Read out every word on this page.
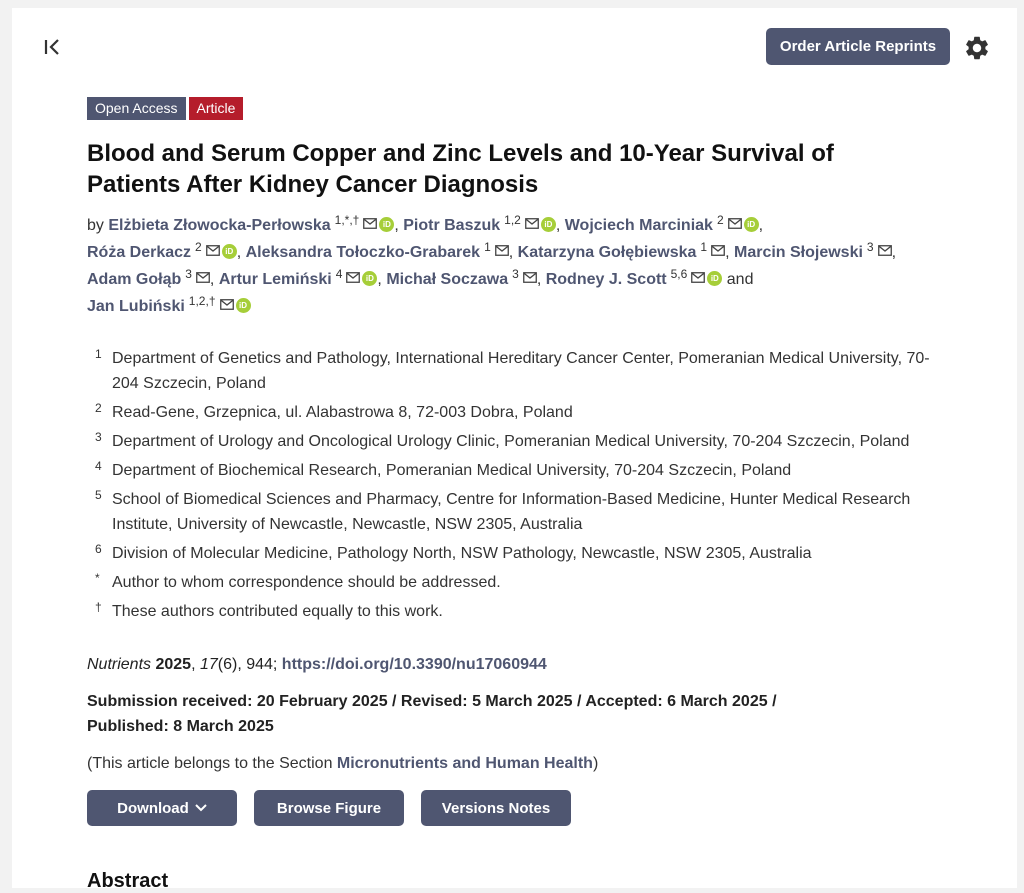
Order Article Reprints
Open Access Article
Blood and Serum Copper and Zinc Levels and 10-Year Survival of Patients After Kidney Cancer Diagnosis
by Elżbieta Złowocka-Perłowska $^{1,*,\dagger}$	iD , Piotr Baszuk $^{1,2}$	iD , Wojciech Marciniak $^2$	iD ,
Róża Derkacz $^2$	iD , Aleksandra Tołoczko-Grabarek $^1$ , Katarzyna Gołębiewska $^1$ , Marcin Słojewski $^3$ ,
Adam Gołąb $^3$ , Artur Lemiński $^4$	iD , Michał Soczawa $^3$ , Rodney J. Scott $^{5,6}$	iD and
Jan Lubiński $^{1,2,\dagger}$	iD
1 Department of Genetics and Pathology, International Hereditary Cancer Center, Pomeranian Medical University, 70-204 Szczecin, Poland
2 Read-Gene, Grzepnica, ul. Alabastrowa 8, 72-003 Dobra, Poland
3 Department of Urology and Oncological Urology Clinic, Pomeranian Medical University, 70-204 Szczecin, Poland
4 Department of Biochemical Research, Pomeranian Medical University, 70-204 Szczecin, Poland
5 School of Biomedical Sciences and Pharmacy, Centre for Information-Based Medicine, Hunter Medical Research Institute, University of Newcastle, Newcastle, NSW 2305, Australia
6 Division of Molecular Medicine, Pathology North, NSW Pathology, Newcastle, NSW 2305, Australia
* Author to whom correspondence should be addressed.
† These authors contributed equally to this work.
Nutrients 2025, 17(6), 944; https://doi.org/10.3390/nu17060944
Submission received: 20 February 2025 / Revised: 5 March 2025 / Accepted: 6 March 2025 / Published: 8 March 2025
(This article belongs to the Section Micronutrients and Human Health)
Download	Browse Figure	Versions Notes
Abstract
